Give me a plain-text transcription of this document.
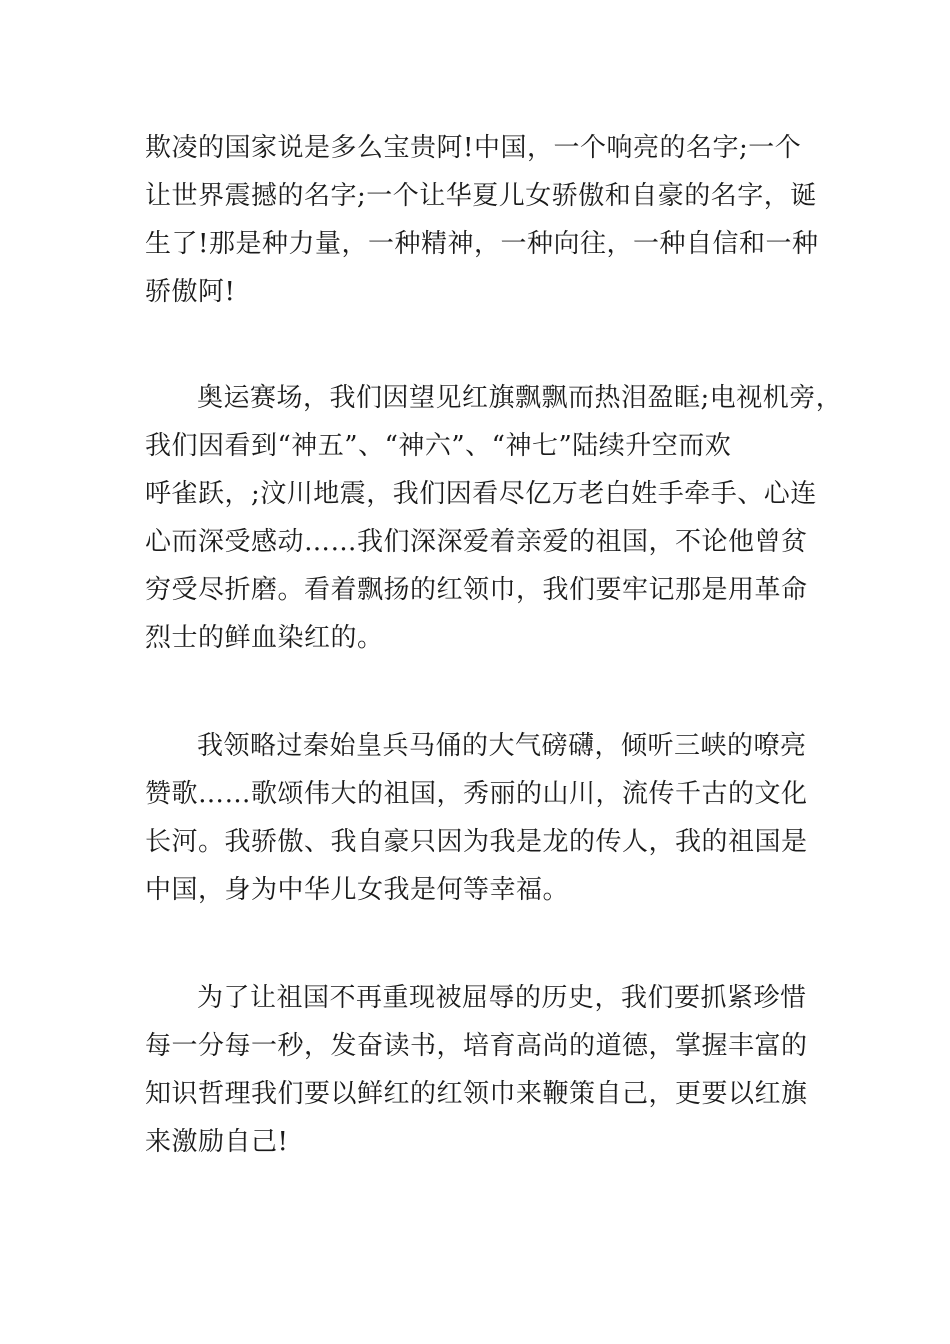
欺凌的国家说是多么宝贵阿!中国，一个响亮的名字;一个
让世界震撼的名字;一个让华夏儿女骄傲和自豪的名字，诞
生了!那是种力量，一种精神，一种向往，一种自信和一种
骄傲阿!
奥运赛场，我们因望见红旗飘飘而热泪盈眶;电视机旁，
我们因看到“神五”、“神六”、“神七”陆续升空而欢
呼雀跃，;汶川地震，我们因看尽亿万老白姓手牵手、心连
心而深受感动……我们深深爱着亲爱的祖国，不论他曾贫
穷受尽折磨。看着飘扬的红领巾，我们要牢记那是用革命
烈士的鲜血染红的。
我领略过秦始皇兵马俑的大气磅礴，倾听三峡的嘹亮
赞歌……歌颂伟大的祖国，秀丽的山川，流传千古的文化
长河。我骄傲、我自豪只因为我是龙的传人，我的祖国是
中国，身为中华儿女我是何等幸福。
为了让祖国不再重现被屈辱的历史，我们要抓紧珍惜
每一分每一秒，发奋读书，培育高尚的道德，掌握丰富的
知识哲理我们要以鲜红的红领巾来鞭策自己，更要以红旗
来激励自己!
